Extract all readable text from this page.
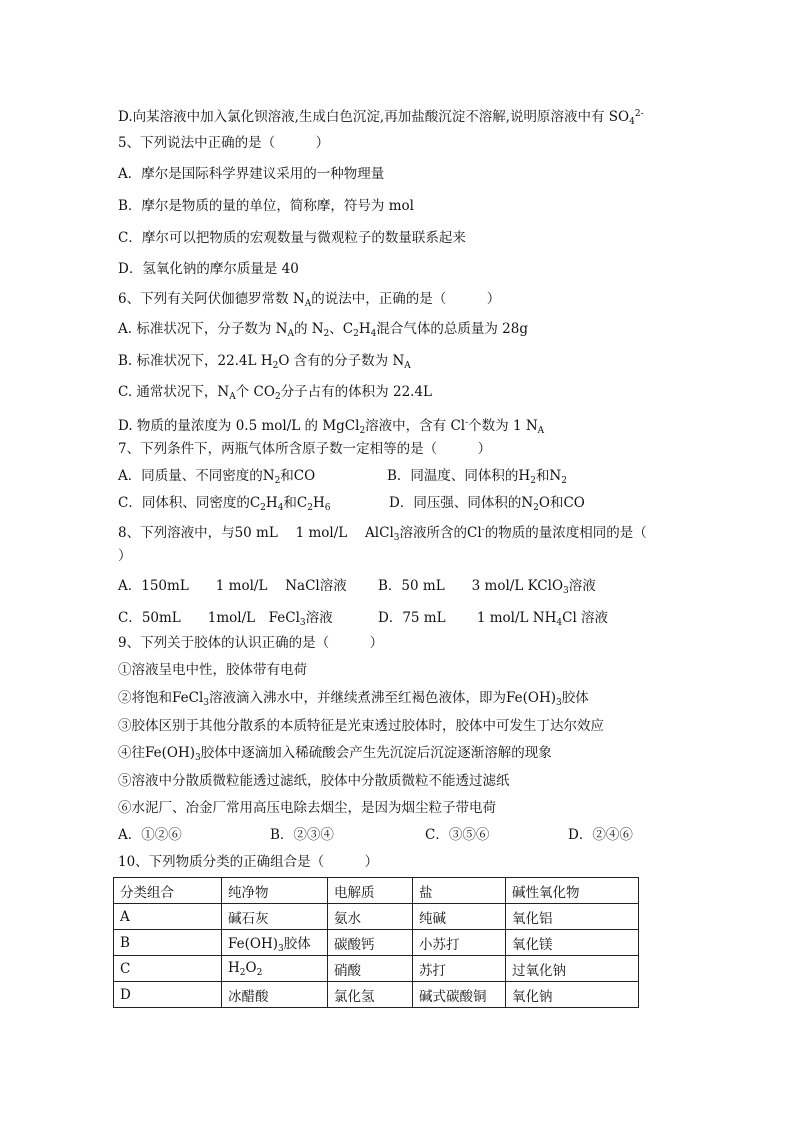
D.向某溶液中加入氯化钡溶液,生成白色沉淀,再加盐酸沉淀不溶解,说明原溶液中有 $SO_4^{2-}$
5、下列说法中正确的是（　　　）
A．摩尔是国际科学界建议采用的一种物理量
B．摩尔是物质的量的单位，简称摩，符号为 mol
C．摩尔可以把物质的宏观数量与微观粒子的数量联系起来
D．氢氧化钠的摩尔质量是 40
6、下列有关阿伏伽德罗常数 $N_A$的说法中，正确的是（　　　）
A. 标准状况下，分子数为 $N_A$的 $N_2$、$C_2H_4$混合气体的总质量为 28g
B. 标准状况下，22.4L $H_2O$ 含有的分子数为 $N_A$
C. 通常状况下，$N_A$个 $CO_2$分子占有的体积为 22.4L
D. 物质的量浓度为 0.5 mol/L 的 MgCl$_2$溶液中，含有 Cl-个数为 1 $N_A$
7、下列条件下，两瓶气体所含原子数一定相等的是（　　　）
A．同质量、不同密度的$N_2$和CO	B．同温度、同体积的$H_2$和$N_2$
C．同体积、同密度的$C_2H_4$和$C_2H_6$	D．同压强、同体积的$N_2O$和CO
8、下列溶液中，与50 mL　 1 mol/L　 AlCl$_3$溶液所含的Cl-的物质的量浓度相同的是（
）
A．150mL　　1 mol/L　 NaCl溶液 B．50 mL　　3 mol/L KClO$_3$溶液
C．50mL　　1mol/L　FeCl$_3$溶液	D．75 mL　　 1 mol/L $NH_4Cl$ 溶液
9、下列关于胶体的认识正确的是（　　　）
①溶液呈电中性，胶体带有电荷
②将饱和FeCl$_3$溶液滴入沸水中，并继续煮沸至红褐色液体，即为$Fe(OH)_3$胶体
③胶体区别于其他分散系的本质特征是光束透过胶体时，胶体中可发生丁达尔效应
④往$Fe(OH)_3$胶体中逐滴加入稀硫酸会产生先沉淀后沉淀逐渐溶解的现象
⑤溶液中分散质微粒能透过滤纸，胶体中分散质微粒不能透过滤纸
⑥水泥厂、冶金厂常用高压电除去烟尘，是因为烟尘粒子带电荷
A．①②⑥	B．②③④	C．③⑤⑥	D．②④⑥
10、下列物质分类的正确组合是（　　　）
分类组合	纯净物	电解质	盐	碱性氧化物
A	碱石灰	氨水	纯碱	氧化铝
B	$Fe(OH)_3$胶体	碳酸钙	小苏打	氧化镁
C	$H_2O_2$	硝酸	苏打	过氧化钠
D	冰醋酸	氯化氢	碱式碳酸铜	氧化钠
